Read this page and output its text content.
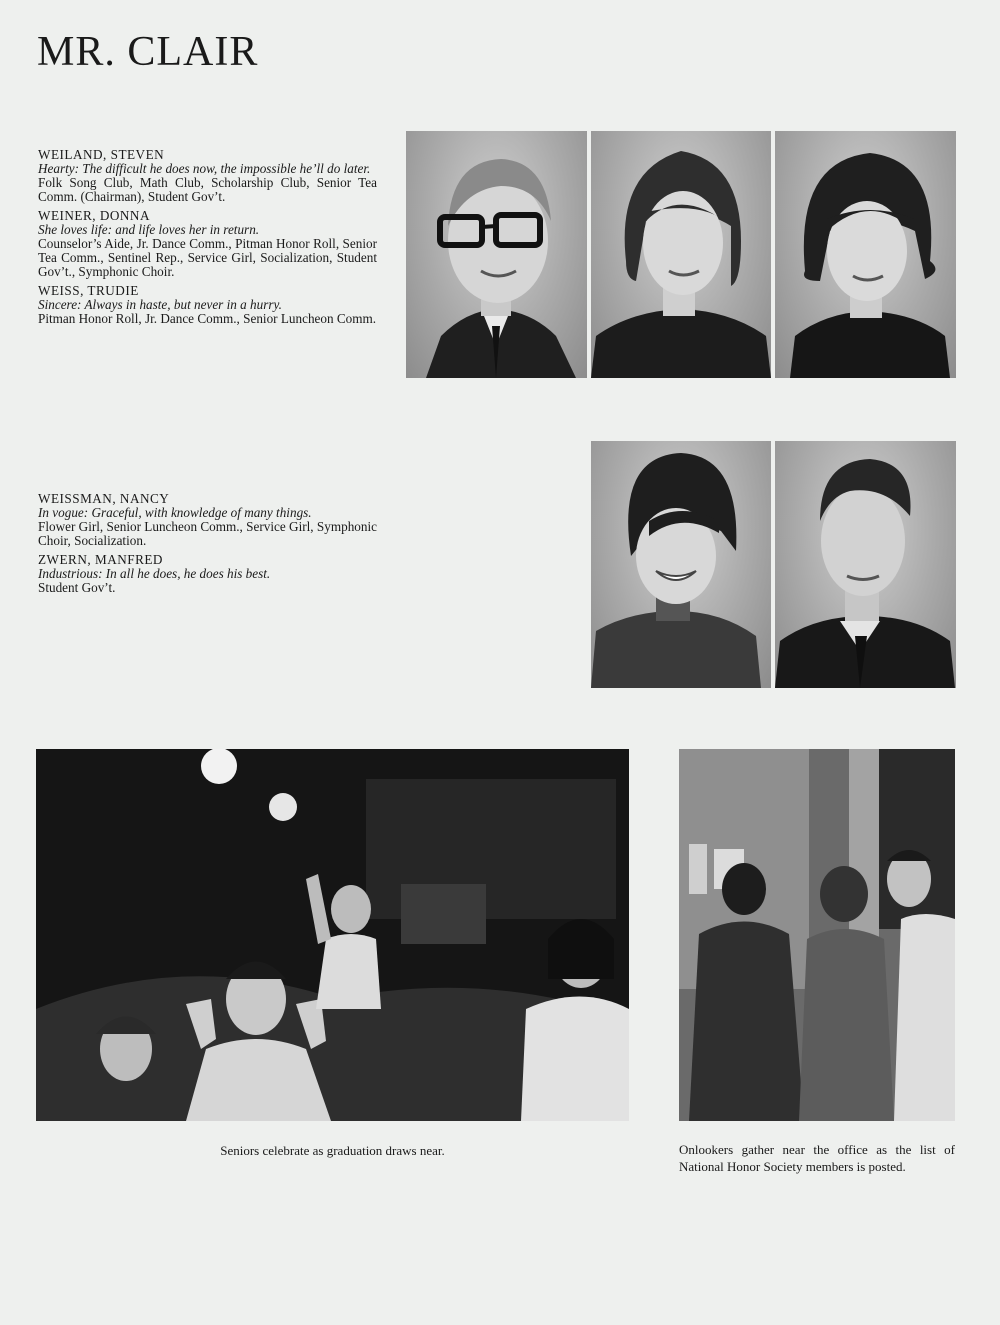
MR. CLAIR
WEILAND, STEVEN
Hearty: The difficult he does now, the impossible he’ll do later.
Folk Song Club, Math Club, Scholarship Club, Senior Tea Comm. (Chairman), Student Gov’t.
WEINER, DONNA
She loves life: and life loves her in return.
Counselor’s Aide, Jr. Dance Comm., Pitman Honor Roll, Senior Tea Comm., Sentinel Rep., Service Girl, Socialization, Student Gov’t., Symphonic Choir.
WEISS, TRUDIE
Sincere: Always in haste, but never in a hurry.
Pitman Honor Roll, Jr. Dance Comm., Senior Luncheon Comm.
WEISSMAN, NANCY
In vogue: Graceful, with knowledge of many things.
Flower Girl, Senior Luncheon Comm., Service Girl, Symphonic Choir, Socialization.
ZWERN, MANFRED
Industrious: In all he does, he does his best.
Student Gov’t.
Seniors celebrate as graduation draws near.	Onlookers gather near the office as the list of National Honor Society members is posted.
